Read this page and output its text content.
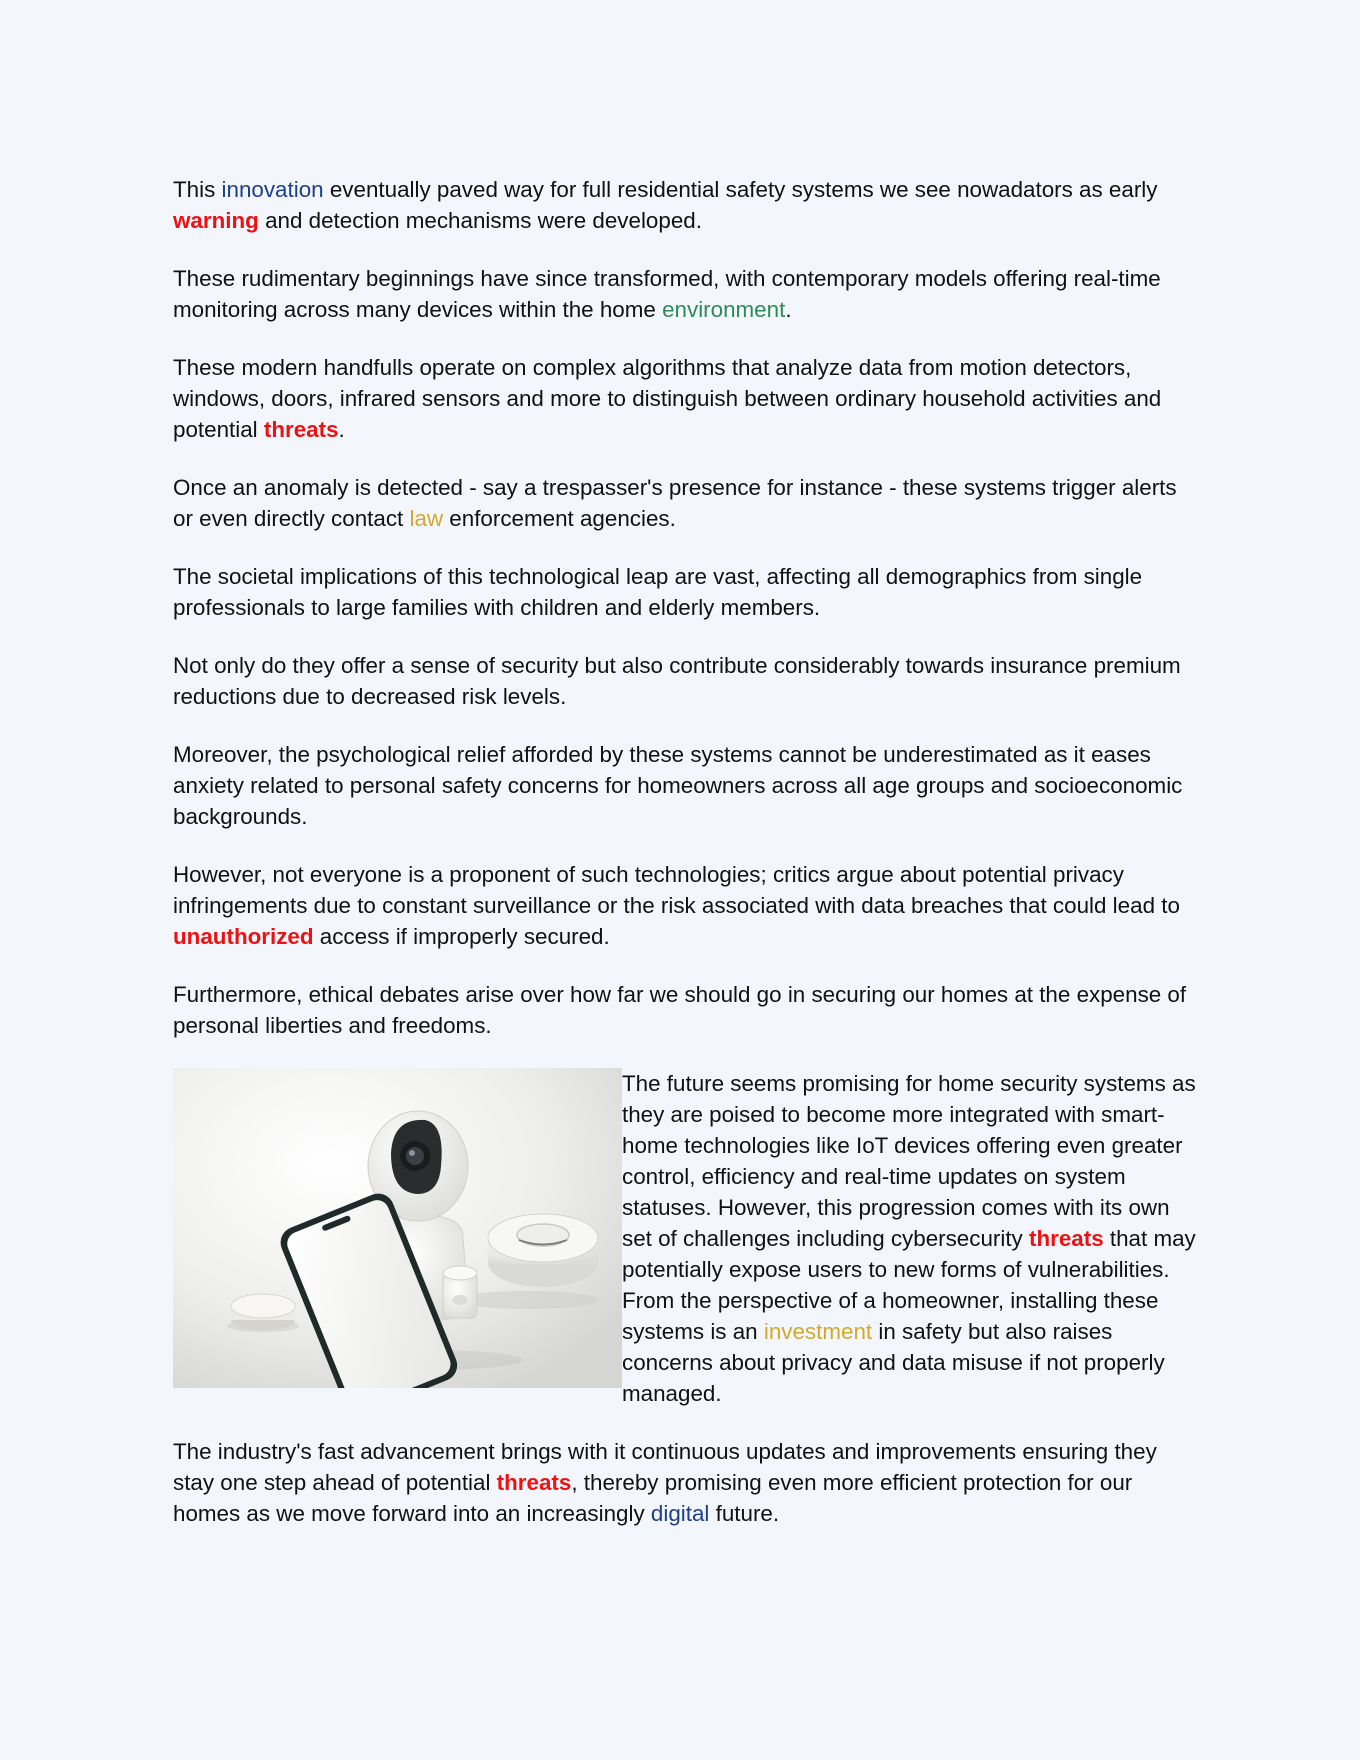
This innovation eventually paved way for full residential safety systems we see nowadators as early warning and detection mechanisms were developed.

These rudimentary beginnings have since transformed, with contemporary models offering real-time monitoring across many devices within the home environment.

These modern handfulls operate on complex algorithms that analyze data from motion detectors, windows, doors, infrared sensors and more to distinguish between ordinary household activities and potential threats.

Once an anomaly is detected - say a trespasser's presence for instance - these systems trigger alerts or even directly contact law enforcement agencies.

The societal implications of this technological leap are vast, affecting all demographics from single professionals to large families with children and elderly members.

Not only do they offer a sense of security but also contribute considerably towards insurance premium reductions due to decreased risk levels.

Moreover, the psychological relief afforded by these systems cannot be underestimated as it eases anxiety related to personal safety concerns for homeowners across all age groups and socioeconomic backgrounds.

However, not everyone is a proponent of such technologies; critics argue about potential privacy infringements due to constant surveillance or the risk associated with data breaches that could lead to unauthorized access if improperly secured.

Furthermore, ethical debates arise over how far we should go in securing our homes at the expense of personal liberties and freedoms.

The future seems promising for home security systems as they are poised to become more integrated with smart-home technologies like IoT devices offering even greater control, efficiency and real-time updates on system statuses. However, this progression comes with its own set of challenges including cybersecurity threats that may potentially expose users to new forms of vulnerabilities. From the perspective of a homeowner, installing these systems is an investment in safety but also raises concerns about privacy and data misuse if not properly managed.

The industry's fast advancement brings with it continuous updates and improvements ensuring they stay one step ahead of potential threats, thereby promising even more efficient protection for our homes as we move forward into an increasingly digital future.
